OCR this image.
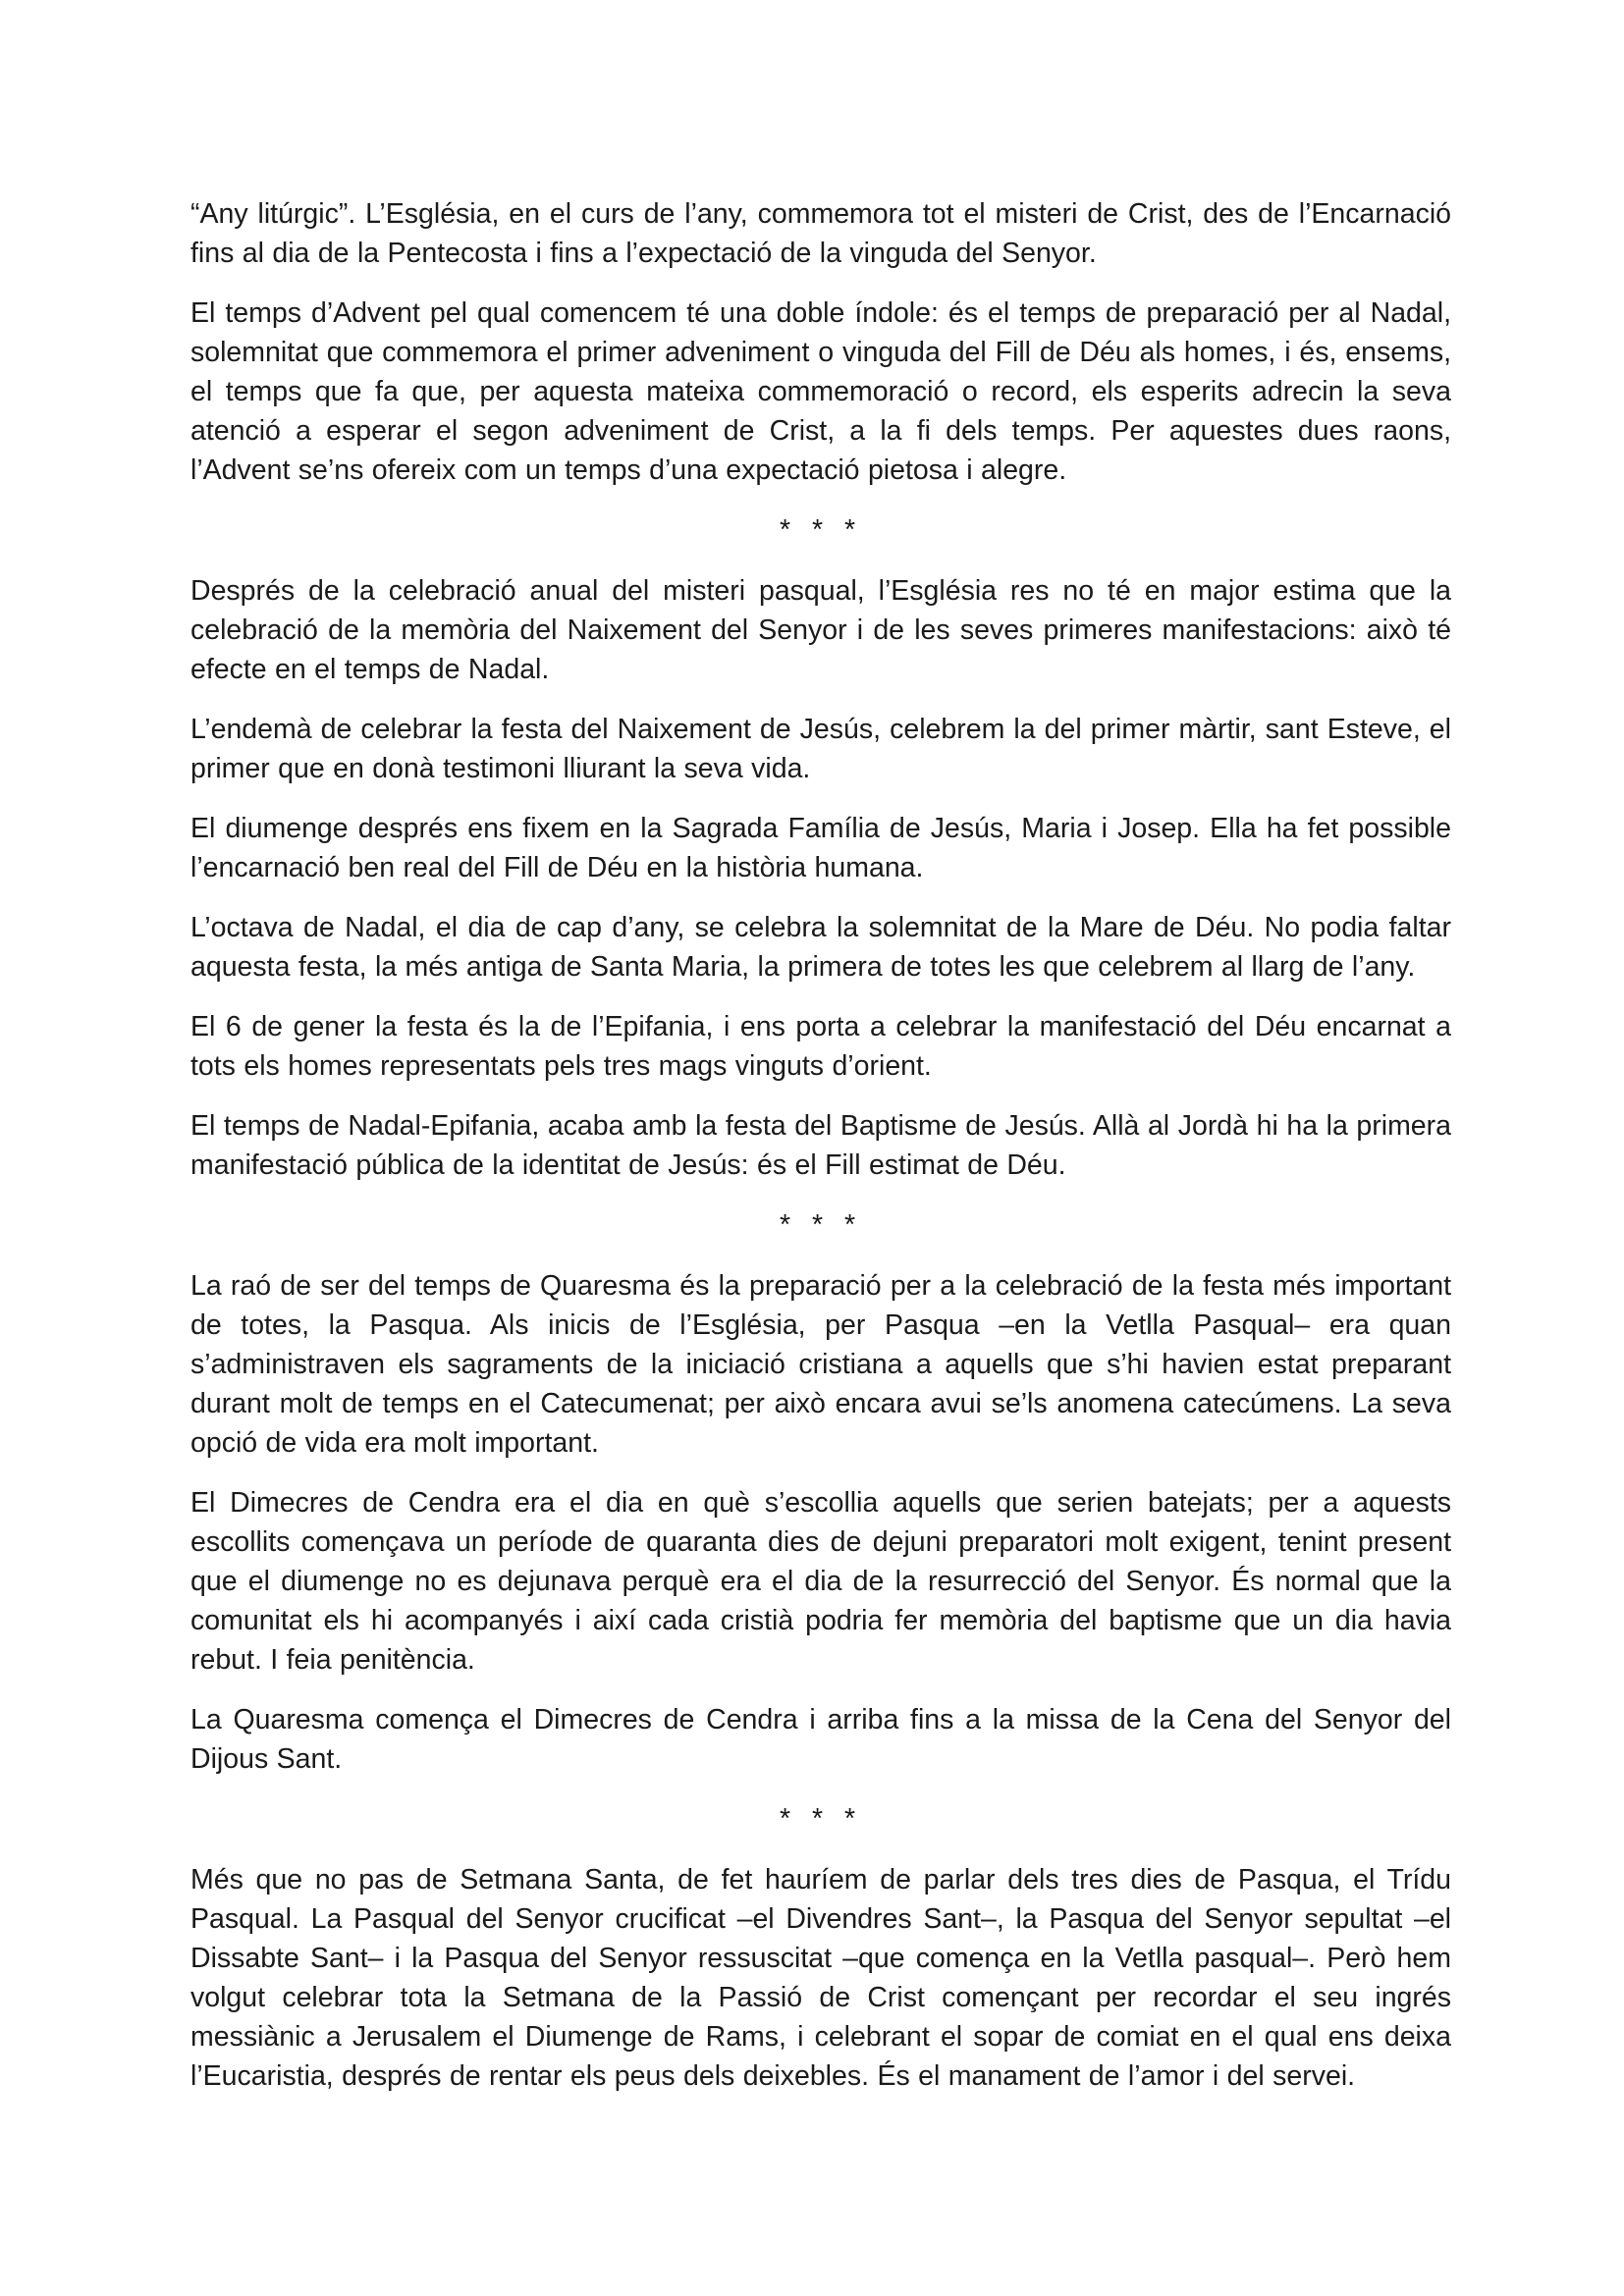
“Any litúrgic”. L’Església, en el curs de l’any, commemora tot el misteri de Crist, des de l’Encarnació fins al dia de la Pentecosta i fins a l’expectació de la vinguda del Senyor.

El temps d’Advent pel qual comencem té una doble índole: és el temps de preparació per al Nadal, solemnitat que commemora el primer adveniment o vinguda del Fill de Déu als homes, i és, ensems, el temps que fa que, per aquesta mateixa commemoració o record, els esperits adrecin la seva atenció a esperar el segon adveniment de Crist, a la fi dels temps. Per aquestes dues raons, l’Advent se’ns ofereix com un temps d’una expectació pietosa i alegre.

* * *

Després de la celebració anual del misteri pasqual, l’Església res no té en major estima que la celebració de la memòria del Naixement del Senyor i de les seves primeres manifestacions: això té efecte en el temps de Nadal.

L’endemà de celebrar la festa del Naixement de Jesús, celebrem la del primer màrtir, sant Esteve, el primer que en donà testimoni lliurant la seva vida.

El diumenge després ens fixem en la Sagrada Família de Jesús, Maria i Josep. Ella ha fet possible l’encarnació ben real del Fill de Déu en la història humana.

L’octava de Nadal, el dia de cap d’any, se celebra la solemnitat de la Mare de Déu. No podia faltar aquesta festa, la més antiga de Santa Maria, la primera de totes les que celebrem al llarg de l’any.

El 6 de gener la festa és la de l’Epifania, i ens porta a celebrar la manifestació del Déu encarnat a tots els homes representats pels tres mags vinguts d’orient.

El temps de Nadal-Epifania, acaba amb la festa del Baptisme de Jesús. Allà al Jordà hi ha la primera manifestació pública de la identitat de Jesús: és el Fill estimat de Déu.

* * *

La raó de ser del temps de Quaresma és la preparació per a la celebració de la festa més important de totes, la Pasqua. Als inicis de l’Església, per Pasqua –en la Vetlla Pasqual– era quan s’administraven els sagraments de la iniciació cristiana a aquells que s’hi havien estat preparant durant molt de temps en el Catecumenat; per això encara avui se’ls anomena catecúmens. La seva opció de vida era molt important.

El Dimecres de Cendra era el dia en què s’escollia aquells que serien batejats; per a aquests escollits començava un període de quaranta dies de dejuni preparatori molt exigent, tenint present que el diumenge no es dejunava perquè era el dia de la resurrecció del Senyor. És normal que la comunitat els hi acompanyés i així cada cristià podria fer memòria del baptisme que un dia havia rebut. I feia penitència.

La Quaresma comença el Dimecres de Cendra i arriba fins a la missa de la Cena del Senyor del Dijous Sant.

* * *

Més que no pas de Setmana Santa, de fet hauríem de parlar dels tres dies de Pasqua, el Trídu Pasqual. La Pasqual del Senyor crucificat –el Divendres Sant–, la Pasqua del Senyor sepultat –el Dissabte Sant– i la Pasqua del Senyor ressuscitat –que comença en la Vetlla pasqual–. Però hem volgut celebrar tota la Setmana de la Passió de Crist començant per recordar el seu ingrés messiànic a Jerusalem el Diumenge de Rams, i celebrant el sopar de comiat en el qual ens deixa l’Eucaristia, després de rentar els peus dels deixebles. És el manament de l’amor i del servei.
